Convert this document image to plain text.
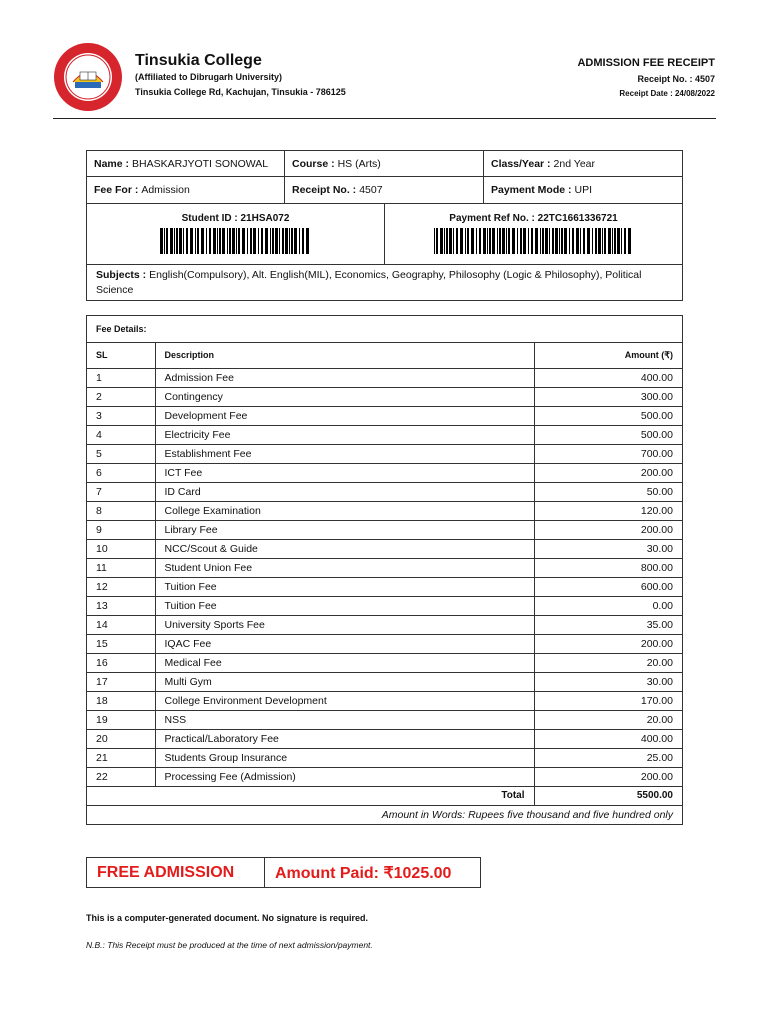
Tinsukia College
(Affiliated to Dibrugarh University)
Tinsukia College Rd, Kachujan, Tinsukia - 786125
ADMISSION FEE RECEIPT
Receipt No. : 4507
Receipt Date : 24/08/2022
Name : BHASKARJYOTI SONOWAL Course : HS (Arts)	Class/Year : 2nd Year
Fee For : Admission	Receipt No. : 4507	Payment Mode : UPI
Student ID : 21HSA072	Payment Ref No. : 22TC1661336721
Subjects : English(Compulsory), Alt. English(MIL), Economics, Geography, Philosophy (Logic & Philosophy), Political Science
Fee Details:
SL	Description	Amount (₹)
1	Admission Fee	400.00
2	Contingency	300.00
3	Development Fee	500.00
4	Electricity Fee	500.00
5	Establishment Fee	700.00
6	ICT Fee	200.00
7	ID Card	50.00
8	College Examination	120.00
9	Library Fee	200.00
10	NCC/Scout & Guide	30.00
11	Student Union Fee	800.00
12	Tuition Fee	600.00
13	Tuition Fee	0.00
14	University Sports Fee	35.00
15	IQAC Fee	200.00
16	Medical Fee	20.00
17	Multi Gym	30.00
18	College Environment Development	170.00
19	NSS	20.00
20	Practical/Laboratory Fee	400.00
21	Students Group Insurance	25.00
22	Processing Fee (Admission)	200.00
Total		5500.00
Amount in Words: Rupees five thousand and five hundred only		
FREE ADMISSION	Amount Paid: ₹1025.00
This is a computer-generated document. No signature is required.
N.B.: This Receipt must be produced at the time of next admission/payment.
